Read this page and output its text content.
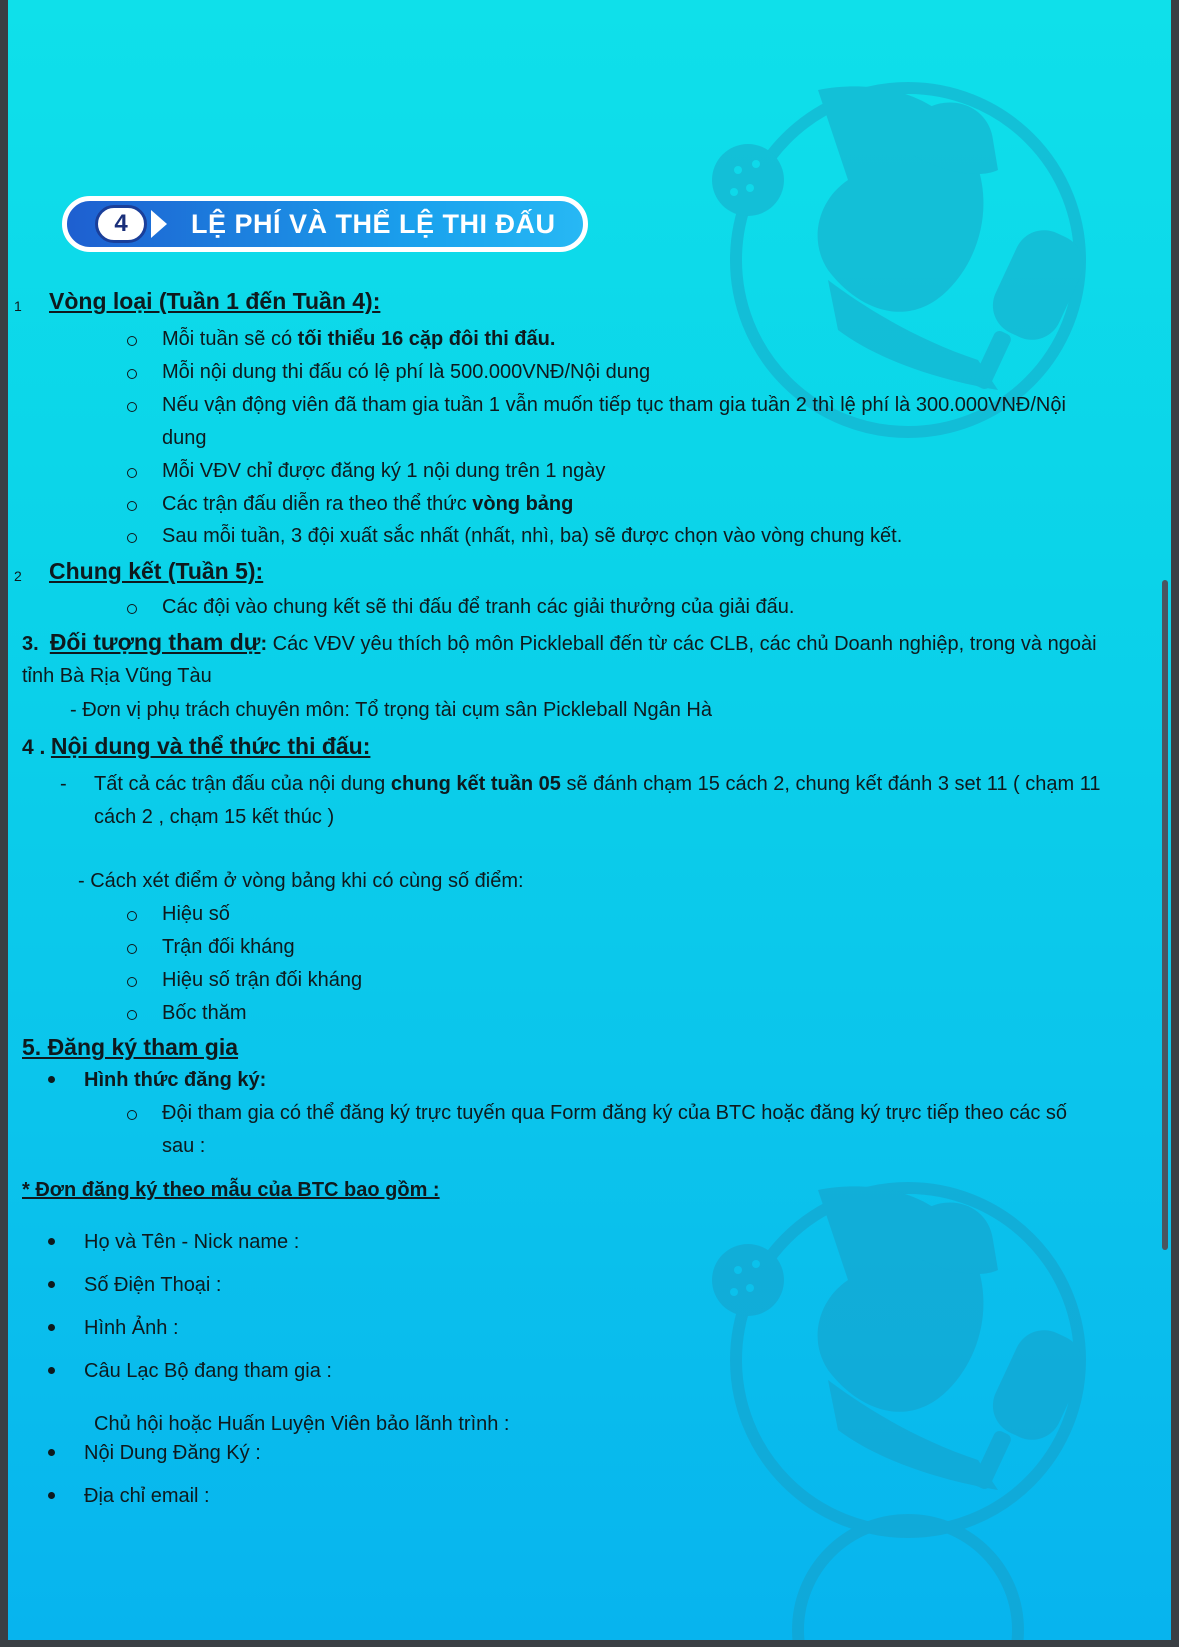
4	LỆ PHÍ VÀ THỂ LỆ THI ĐẤU
1 Vòng loại (Tuần 1 đến Tuần 4):
Mỗi tuần sẽ có tối thiểu 16 cặp đôi thi đấu.
Mỗi nội dung thi đấu có lệ phí là 500.000VNĐ/Nội dung
Nếu vận động viên đã tham gia tuần 1 vẫn muốn tiếp tục tham gia tuần 2 thì lệ phí là 300.000VNĐ/Nội
dung
Mỗi VĐV chỉ được đăng ký 1 nội dung trên 1 ngày
Các trận đấu diễn ra theo thể thức vòng bảng
Sau mỗi tuần, 3 đội xuất sắc nhất (nhất, nhì, ba) sẽ được chọn vào vòng chung kết.
2 Chung kết (Tuần 5):
Các đội vào chung kết sẽ thi đấu để tranh các giải thưởng của giải đấu.
3. Đối tượng tham dự: Các VĐV yêu thích bộ môn Pickleball đến từ các CLB, các chủ Doanh nghiệp, trong và ngoài
tỉnh Bà Rịa Vũng Tàu
- Đơn vị phụ trách chuyên môn: Tổ trọng tài cụm sân Pickleball Ngân Hà
4 . Nội dung và thể thức thi đấu:
- Tất cả các trận đấu của nội dung chung kết tuần 05 sẽ đánh chạm 15 cách 2, chung kết đánh 3 set 11 ( chạm 11
cách 2 , chạm 15 kết thúc )
- Cách xét điểm ở vòng bảng khi có cùng số điểm:
Hiệu số
Trận đối kháng
Hiệu số trận đối kháng
Bốc thăm
5. Đăng ký tham gia
Hình thức đăng ký:
Đội tham gia có thể đăng ký trực tuyến qua Form đăng ký của BTC hoặc đăng ký trực tiếp theo các số
sau :
* Đơn đăng ký theo mẫu của BTC bao gồm :
Họ và Tên - Nick name :
Số Điện Thoại :
Hình Ảnh :
Câu Lạc Bộ đang tham gia :
Chủ hội hoặc Huấn Luyện Viên bảo lãnh trình :
Nội Dung Đăng Ký :
Địa chỉ email :
